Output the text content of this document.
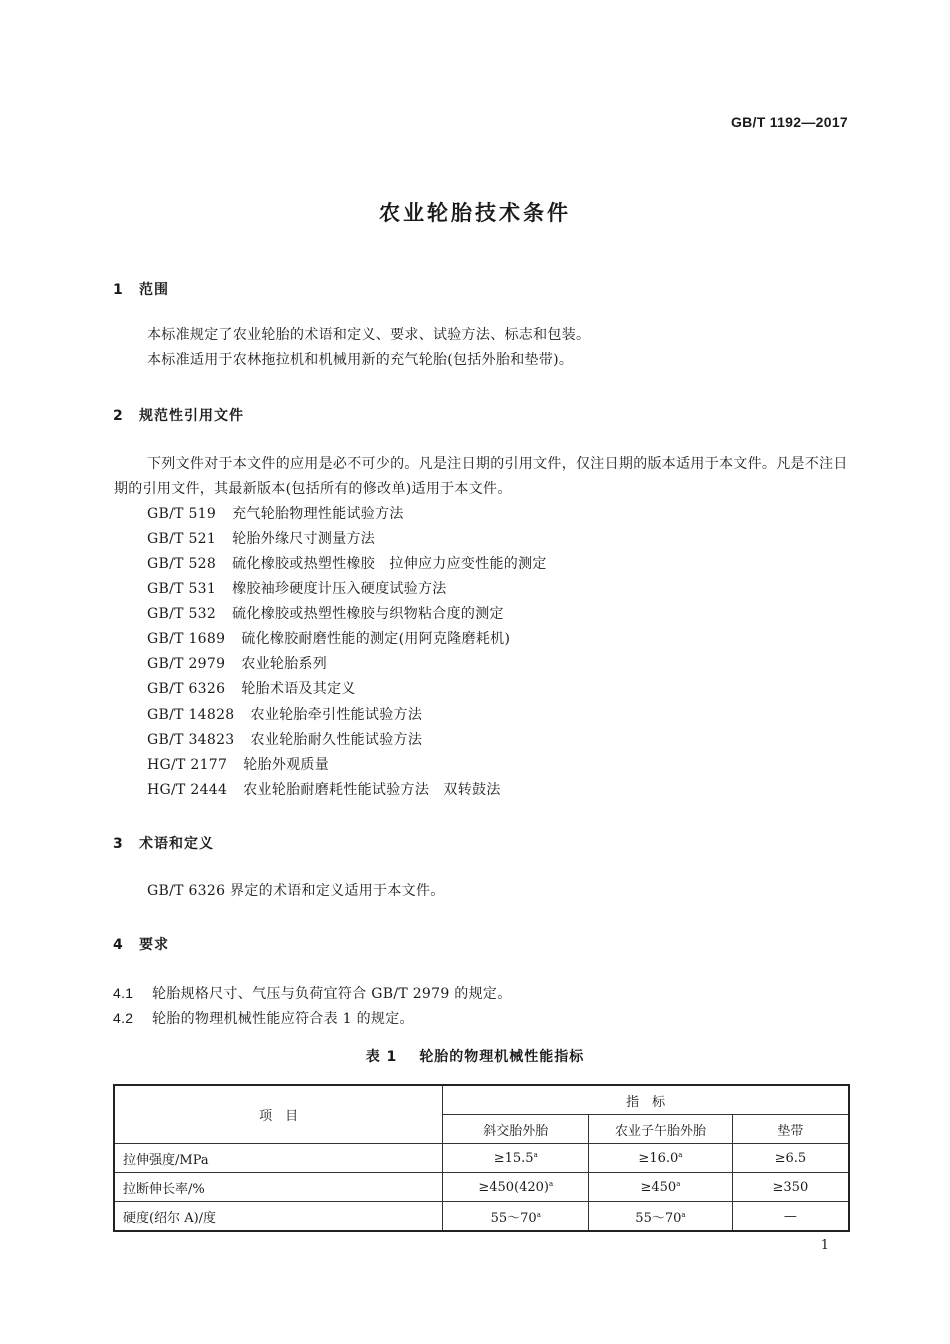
GB/T 1192—2017
农业轮胎技术条件
1 范围
本标准规定了农业轮胎的术语和定义、要求、试验方法、标志和包装。
本标准适用于农林拖拉机和机械用新的充气轮胎(包括外胎和垫带)。
2 规范性引用文件
下列文件对于本文件的应用是必不可少的。凡是注日期的引用文件，仅注日期的版本适用于本文件。凡是不注日期的引用文件，其最新版本(包括所有的修改单)适用于本文件。
GB/T 519 充气轮胎物理性能试验方法
GB/T 521 轮胎外缘尺寸测量方法
GB/T 528 硫化橡胶或热塑性橡胶　拉伸应力应变性能的测定
GB/T 531 橡胶袖珍硬度计压入硬度试验方法
GB/T 532 硫化橡胶或热塑性橡胶与织物粘合度的测定
GB/T 1689 硫化橡胶耐磨性能的测定(用阿克隆磨耗机)
GB/T 2979 农业轮胎系列
GB/T 6326 轮胎术语及其定义
GB/T 14828 农业轮胎牵引性能试验方法
GB/T 34823 农业轮胎耐久性能试验方法
HG/T 2177 轮胎外观质量
HG/T 2444 农业轮胎耐磨耗性能试验方法　双转鼓法
3 术语和定义
GB/T 6326 界定的术语和定义适用于本文件。
4 要求
4.1 轮胎规格尺寸、气压与负荷宜符合 GB/T 2979 的规定。
4.2 轮胎的物理机械性能应符合表 1 的规定。
表 1 轮胎的物理机械性能指标
项　目	指　标		
	斜交胎外胎	农业子午胎外胎	垫带
拉伸强度/MPa	≥15.5$^a$	≥16.0$^a$	≥6.5
拉断伸长率/%	$\ge 450(420)^a$	$\ge 450^a$	≥350
硬度(绍尔 A)/度	55～70$^a$	55～70$^a$	—
1
